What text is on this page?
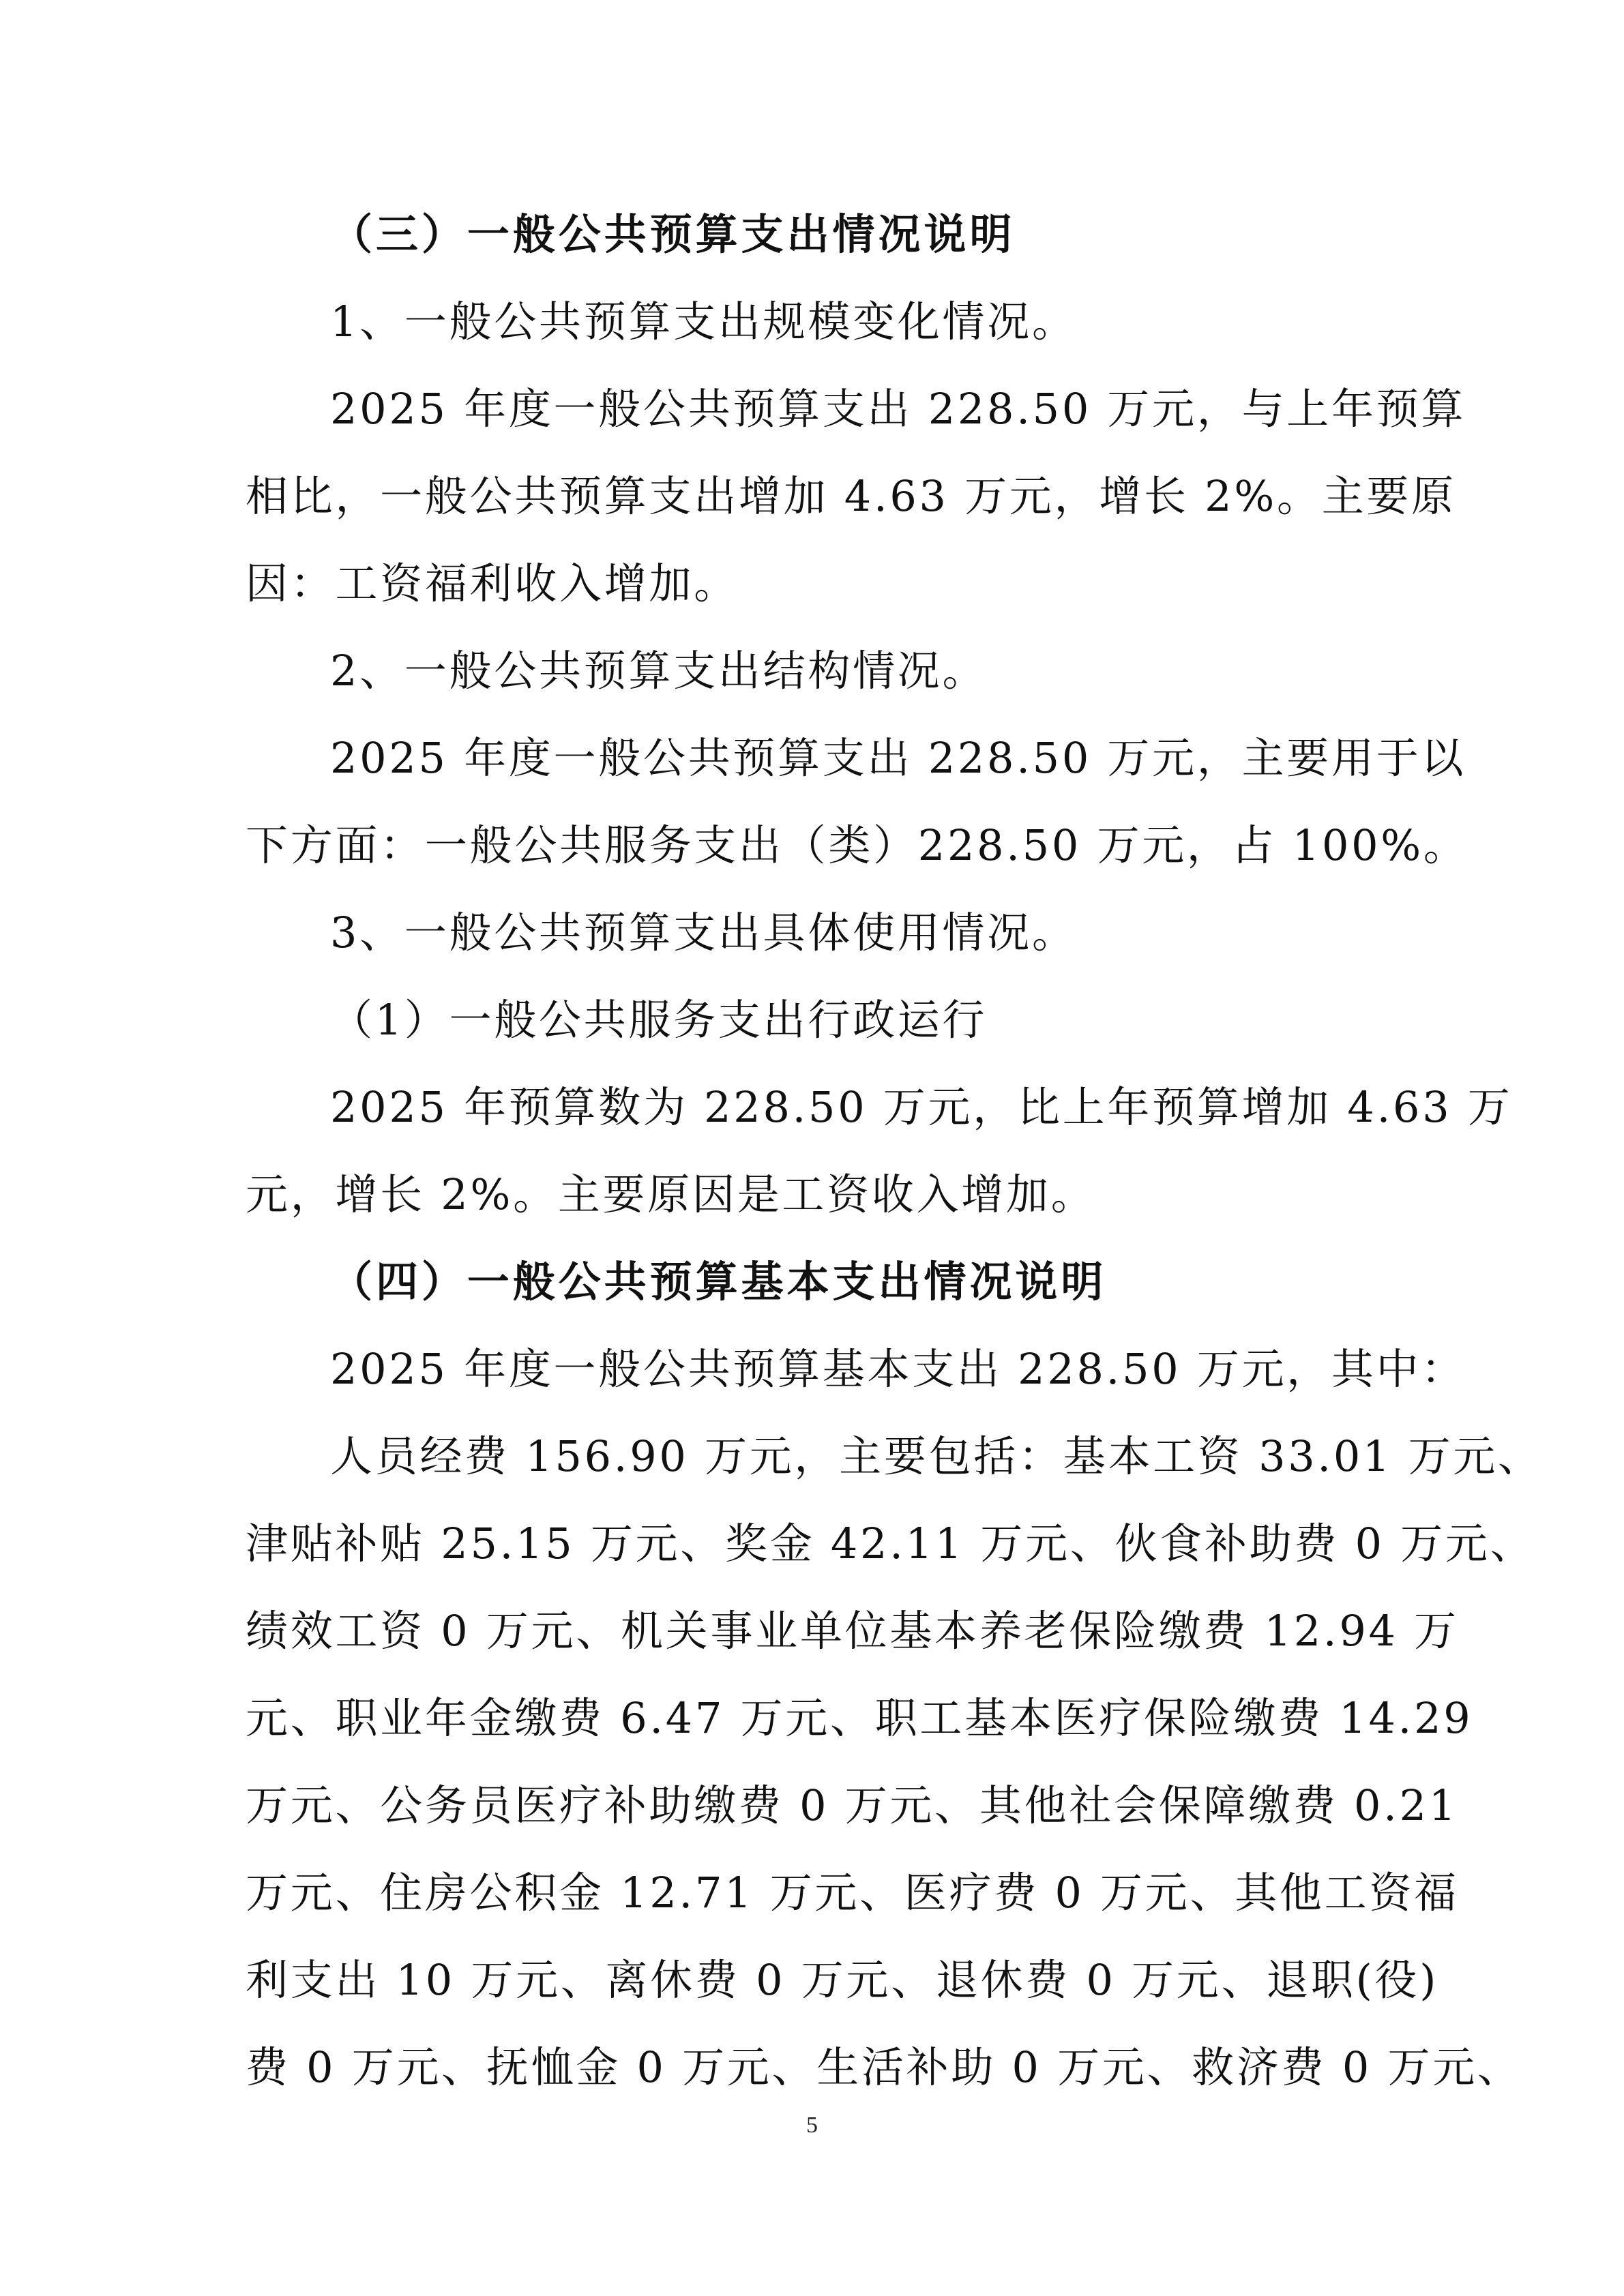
（三）一般公共预算支出情况说明
1、一般公共预算支出规模变化情况。
2025 年度一般公共预算支出 228.50 万元，与上年预算
相比，一般公共预算支出增加 4.63 万元，增长 2%。主要原
因：工资福利收入增加。
2、一般公共预算支出结构情况。
2025 年度一般公共预算支出 228.50 万元，主要用于以
下方面：一般公共服务支出（类）228.50 万元，占 100%。
3、一般公共预算支出具体使用情况。
（1）一般公共服务支出行政运行
2025 年预算数为 228.50 万元，比上年预算增加 4.63 万
元，增长 2%。主要原因是工资收入增加。
（四）一般公共预算基本支出情况说明
2025 年度一般公共预算基本支出 228.50 万元，其中：
人员经费 156.90 万元，主要包括：基本工资 33.01 万元、
津贴补贴 25.15 万元、奖金 42.11 万元、伙食补助费 0 万元、
绩效工资 0 万元、机关事业单位基本养老保险缴费 12.94 万
元、职业年金缴费 6.47 万元、职工基本医疗保险缴费 14.29
万元、公务员医疗补助缴费 0 万元、其他社会保障缴费 0.21
万元、住房公积金 12.71 万元、医疗费 0 万元、其他工资福
利支出 10 万元、离休费 0 万元、退休费 0 万元、退职(役)
费 0 万元、抚恤金 0 万元、生活补助 0 万元、救济费 0 万元、
5
